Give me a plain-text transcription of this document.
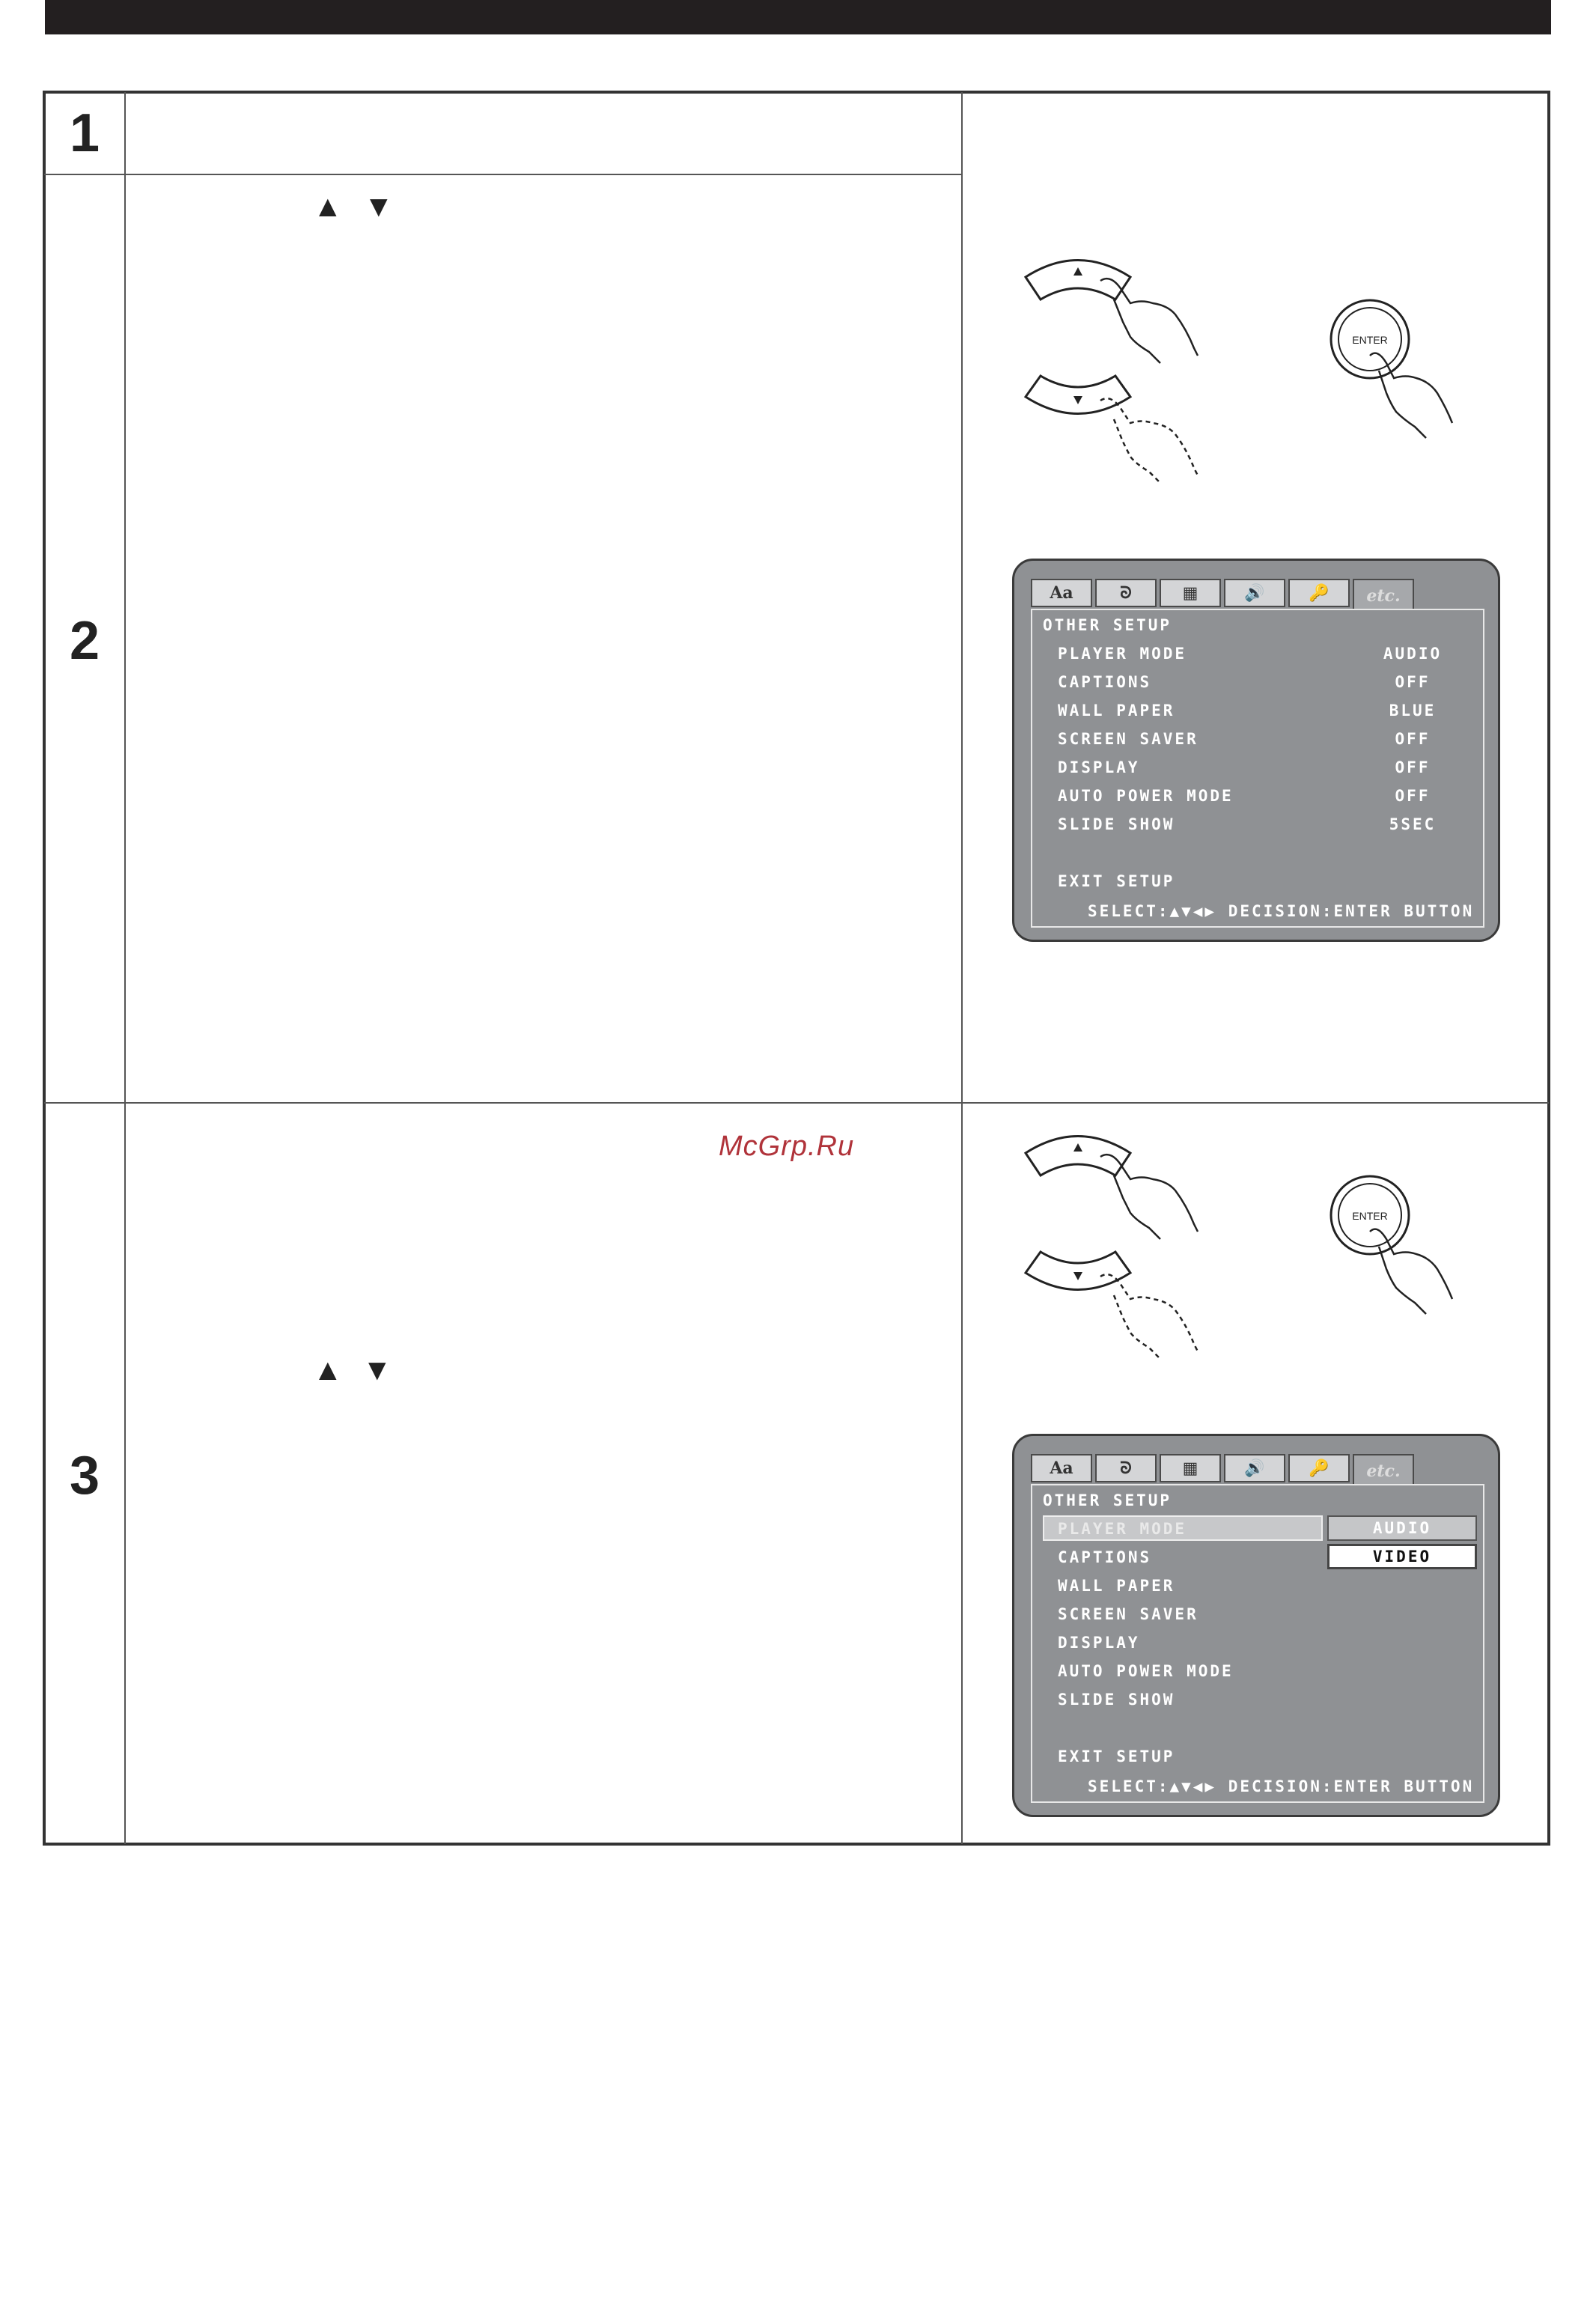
1
2
3
▲ ▼
▲ ▼
McGrp.Ru
ENTER
Aa	ᘐ	▦	🔊	🔑	etc.
OTHER SETUP
PLAYER MODE	AUDIO
CAPTIONS	OFF
WALL PAPER	BLUE
SCREEN SAVER	OFF
DISPLAY	OFF
AUTO POWER MODE	OFF
SLIDE SHOW	5SEC
EXIT SETUP
SELECT:▲▼◀▶ DECISION:ENTER BUTTON
ENTER
Aa	ᘐ	▦	🔊	🔑	etc.
OTHER SETUP
PLAYER MODE	AUDIO
VIDEO
CAPTIONS
WALL PAPER
SCREEN SAVER
DISPLAY
AUTO POWER MODE
SLIDE SHOW
EXIT SETUP
SELECT:▲▼◀▶ DECISION:ENTER BUTTON
